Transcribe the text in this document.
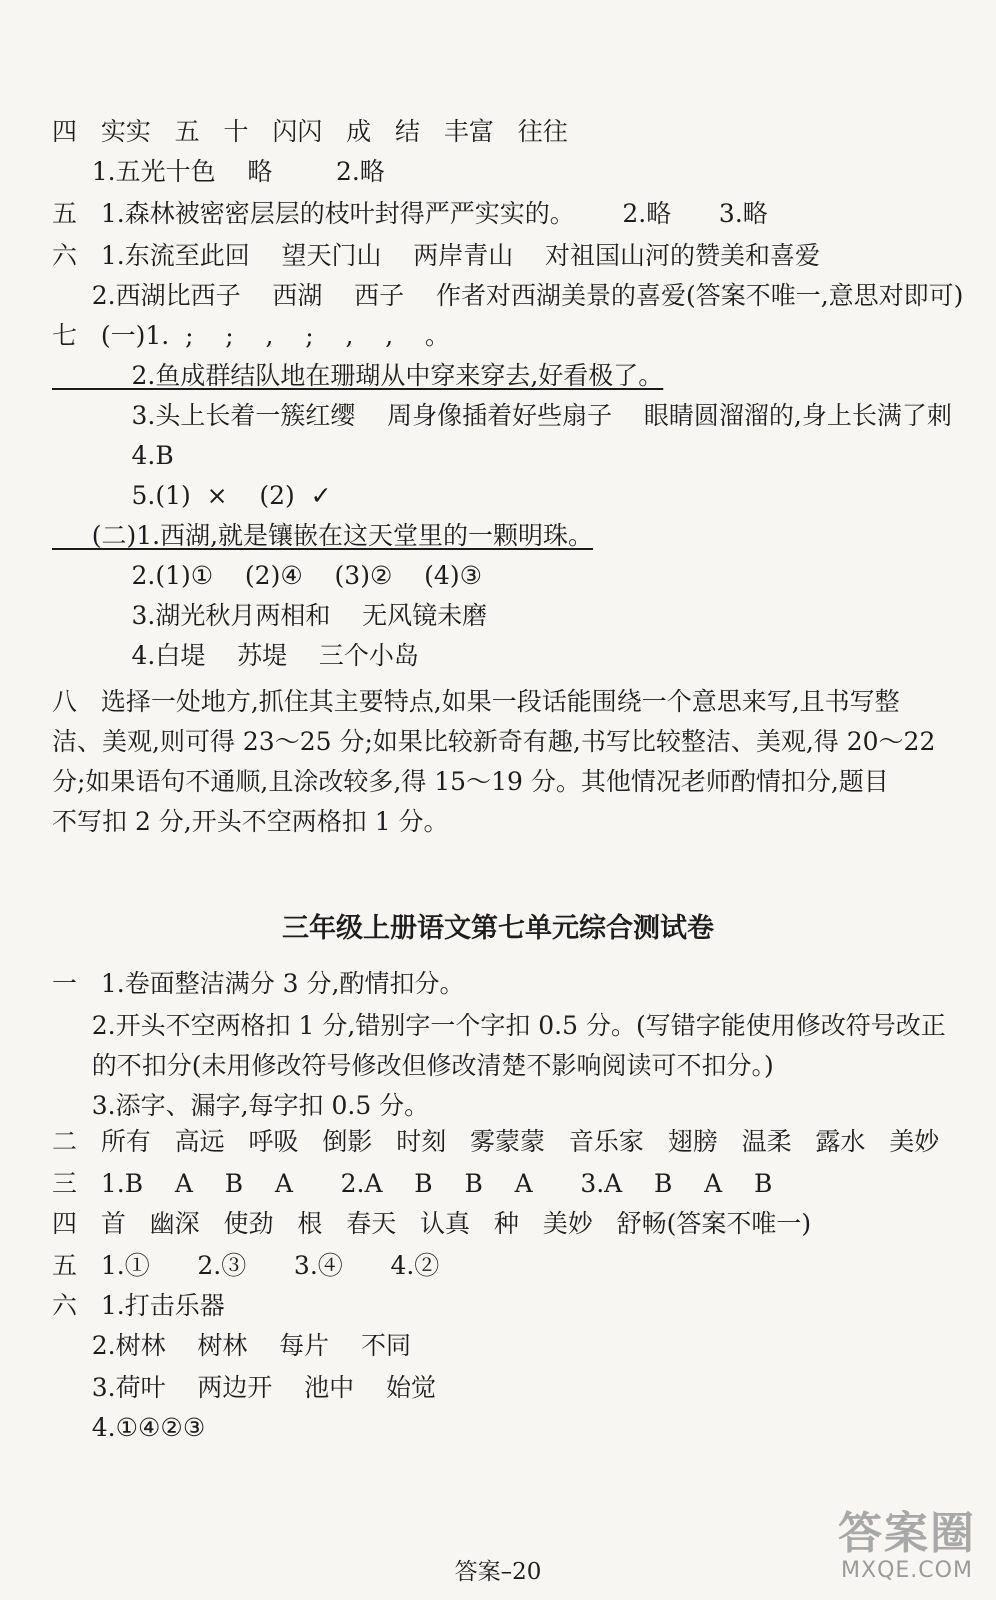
四   实实   五   十   闪闪   成   结   丰富   往往
1.五光十色    略        2.略
五   1.森林被密密层层的枝叶封得严严实实的。      2.略      3.略
六   1.东流至此回    望天门山    两岸青山    对祖国山河的赞美和喜爱
2.西湖比西子    西湖    西子    作者对西湖美景的喜爱(答案不唯一,意思对即可)
七   (一)1.  ;    ;    ,    ;    ,    ,    。
2.鱼成群结队地在珊瑚从中穿来穿去,好看极了。
3.头上长着一簇红缨    周身像插着好些扇子    眼睛圆溜溜的,身上长满了刺
4.B
5.(1)  ×    (2)  ✓
(二)1.西湖,就是镶嵌在这天堂里的一颗明珠。
2.(1)①    (2)④    (3)②    (4)③
3.湖光秋月两相和    无风镜未磨
4.白堤    苏堤    三个小岛
八   选择一处地方,抓住其主要特点,如果一段话能围绕一个意思来写,且书写整
洁、美观,则可得 23～25 分;如果比较新奇有趣,书写比较整洁、美观,得 20～22
分;如果语句不通顺,且涂改较多,得 15～19 分。其他情况老师酌情扣分,题目
不写扣 2 分,开头不空两格扣 1 分。
三年级上册语文第七单元综合测试卷
一   1.卷面整洁满分 3 分,酌情扣分。
2.开头不空两格扣 1 分,错别字一个字扣 0.5 分。(写错字能使用修改符号改正
的不扣分(未用修改符号修改但修改清楚不影响阅读可不扣分。)
3.添字、漏字,每字扣 0.5 分。
二   所有   高远   呼吸   倒影   时刻   雾蒙蒙   音乐家   翅膀   温柔   露水   美妙
三   1.B    A    B    A      2.A    B    B    A      3.A    B    A    B
四   首   幽深   使劲   根   春天   认真   种   美妙   舒畅(答案不唯一)
五   1.①      2.③      3.④      4.②
六   1.打击乐器
2.树林    树林    每片    不同
3.荷叶    两边开    池中    始觉
4.①④②③
答案–20
答案圈
MXQE.COM
